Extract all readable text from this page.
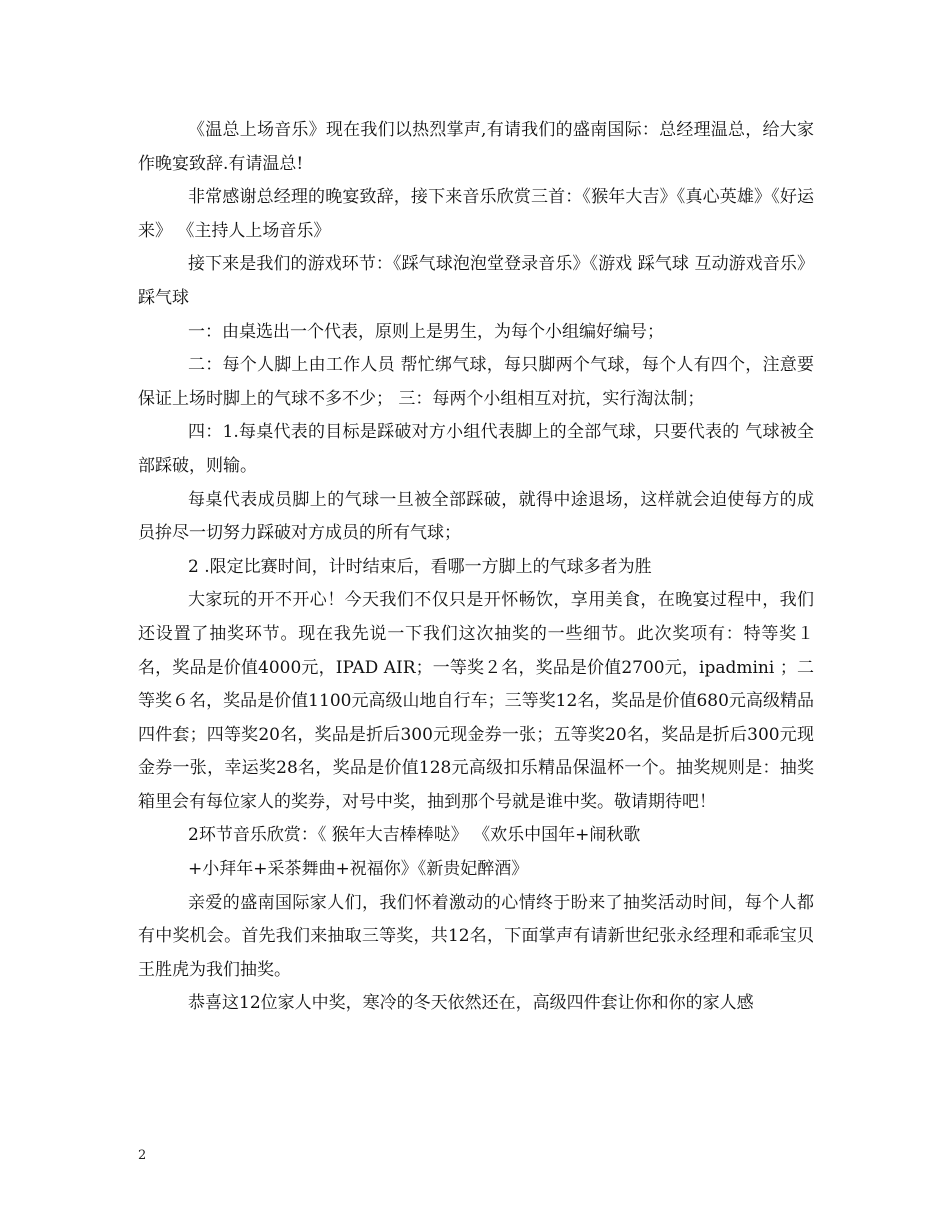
《温总上场音乐》现在我们以热烈掌声,有请我们的盛南国际：总经理温总，给大家作晚宴致辞.有请温总!

非常感谢总经理的晚宴致辞，接下来音乐欣赏三首：《猴年大吉》《真心英雄》《好运来》 《主持人上场音乐》

接下来是我们的游戏环节：《踩气球泡泡堂登录音乐》《游戏 踩气球 互动游戏音乐》 踩气球

一：由桌选出一个代表，原则上是男生，为每个小组编好编号；

二：每个人脚上由工作人员 帮忙绑气球，每只脚两个气球，每个人有四个，注意要保证上场时脚上的气球不多不少； 三：每两个小组相互对抗，实行淘汰制；

四：1.每桌代表的目标是踩破对方小组代表脚上的全部气球，只要代表的 气球被全部踩破，则输。

每桌代表成员脚上的气球一旦被全部踩破，就得中途退场，这样就会迫使每方的成员拚尽一切努力踩破对方成员的所有气球；

2 .限定比赛时间，计时结束后，看哪一方脚上的气球多者为胜

大家玩的开不开心！今天我们不仅只是开怀畅饮，享用美食，在晚宴过程中，我们还设置了抽奖环节。现在我先说一下我们这次抽奖的一些细节。此次奖项有：特等奖１名，奖品是价值4000元，IPAD AIR；一等奖２名，奖品是价值2700元，ipadmini ；二等奖６名，奖品是价值1100元高级山地自行车；三等奖12名，奖品是价值680元高级精品四件套；四等奖20名，奖品是折后300元现金券一张；五等奖20名，奖品是折后300元现金券一张，幸运奖28名，奖品是价值128元高级扣乐精品保温杯一个。抽奖规则是：抽奖箱里会有每位家人的奖券，对号中奖，抽到那个号就是谁中奖。敬请期待吧！

2环节音乐欣赏：《 猴年大吉棒棒哒》 《欢乐中国年+闹秋歌

+小拜年+采茶舞曲+祝福你》《新贵妃醉酒》

亲爱的盛南国际家人们，我们怀着激动的心情终于盼来了抽奖活动时间，每个人都有中奖机会。首先我们来抽取三等奖，共12名，下面掌声有请新世纪张永经理和乖乖宝贝王胜虎为我们抽奖。

恭喜这12位家人中奖，寒冷的冬天依然还在，高级四件套让你和你的家人感

2
